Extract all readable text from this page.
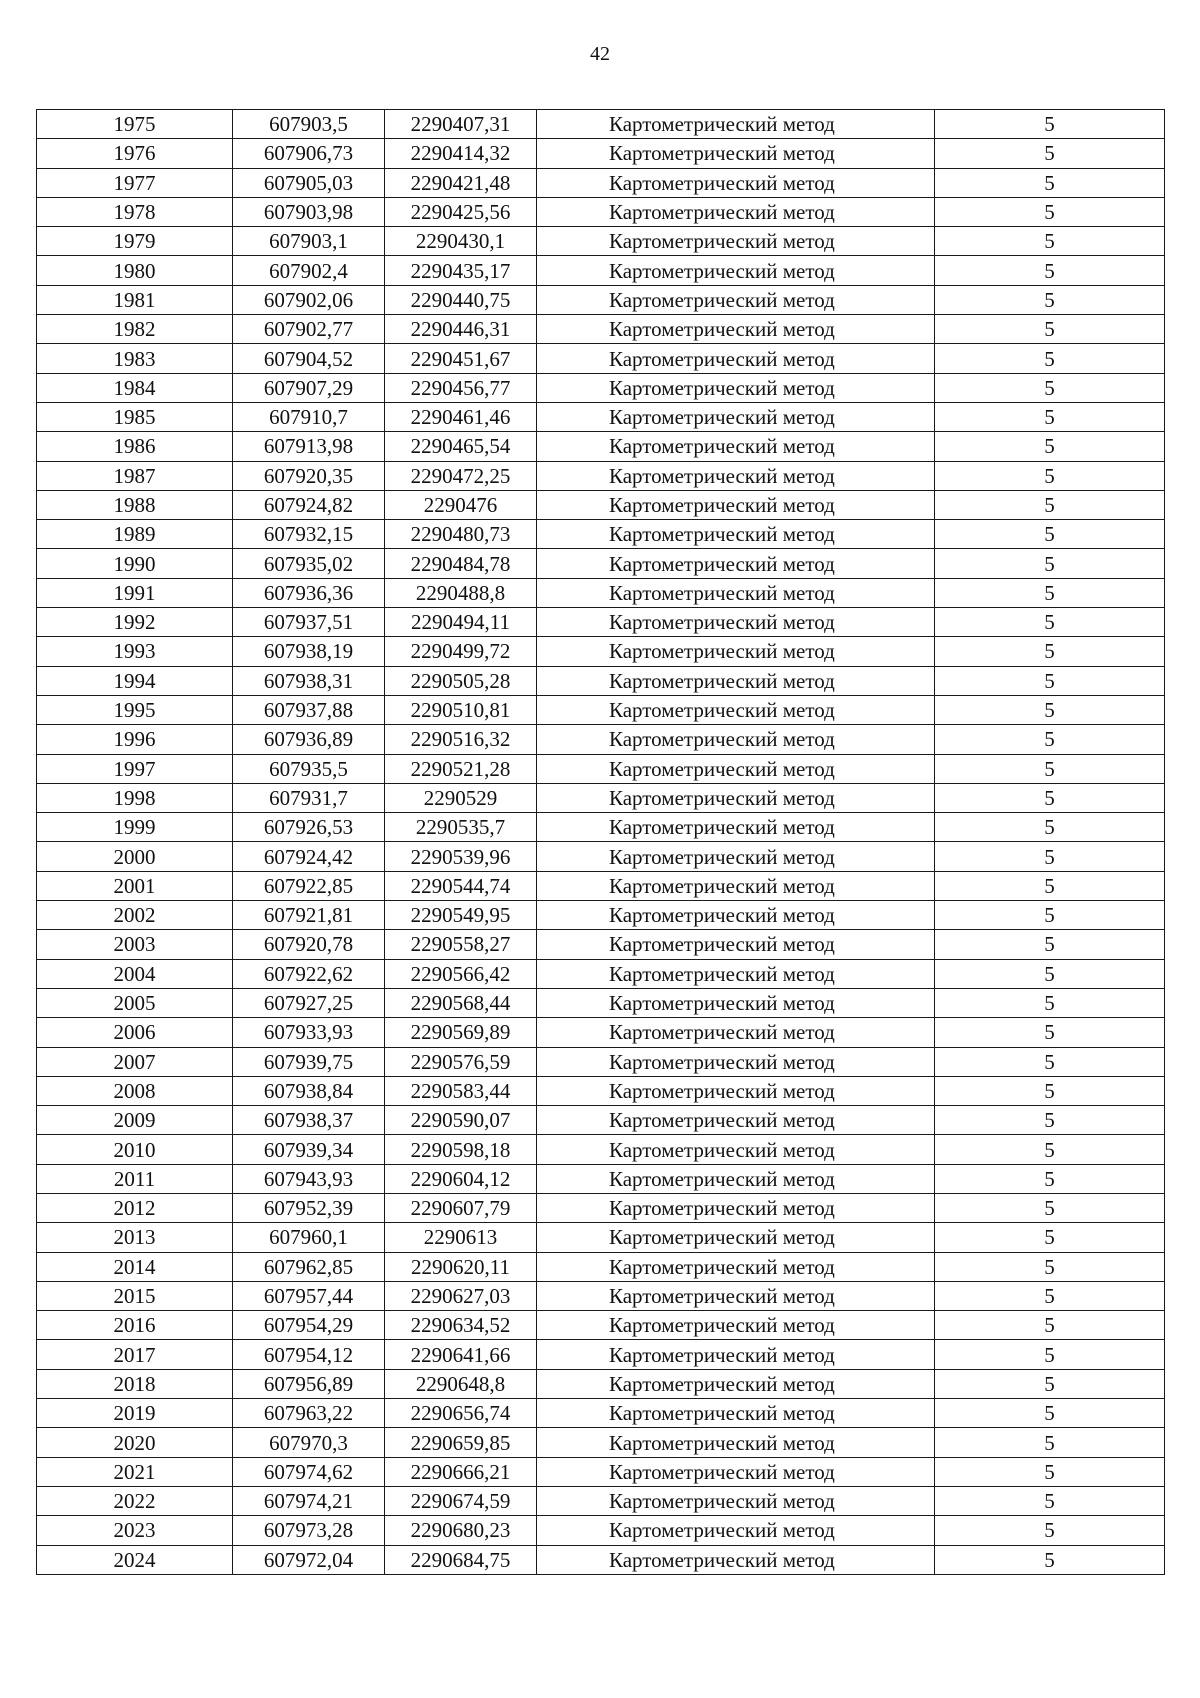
42
1975	607903,5	2290407,31	Картометрический метод	5
1976	607906,73	2290414,32	Картометрический метод	5
1977	607905,03	2290421,48	Картометрический метод	5
1978	607903,98	2290425,56	Картометрический метод	5
1979	607903,1	2290430,1	Картометрический метод	5
1980	607902,4	2290435,17	Картометрический метод	5
1981	607902,06	2290440,75	Картометрический метод	5
1982	607902,77	2290446,31	Картометрический метод	5
1983	607904,52	2290451,67	Картометрический метод	5
1984	607907,29	2290456,77	Картометрический метод	5
1985	607910,7	2290461,46	Картометрический метод	5
1986	607913,98	2290465,54	Картометрический метод	5
1987	607920,35	2290472,25	Картометрический метод	5
1988	607924,82	2290476	Картометрический метод	5
1989	607932,15	2290480,73	Картометрический метод	5
1990	607935,02	2290484,78	Картометрический метод	5
1991	607936,36	2290488,8	Картометрический метод	5
1992	607937,51	2290494,11	Картометрический метод	5
1993	607938,19	2290499,72	Картометрический метод	5
1994	607938,31	2290505,28	Картометрический метод	5
1995	607937,88	2290510,81	Картометрический метод	5
1996	607936,89	2290516,32	Картометрический метод	5
1997	607935,5	2290521,28	Картометрический метод	5
1998	607931,7	2290529	Картометрический метод	5
1999	607926,53	2290535,7	Картометрический метод	5
2000	607924,42	2290539,96	Картометрический метод	5
2001	607922,85	2290544,74	Картометрический метод	5
2002	607921,81	2290549,95	Картометрический метод	5
2003	607920,78	2290558,27	Картометрический метод	5
2004	607922,62	2290566,42	Картометрический метод	5
2005	607927,25	2290568,44	Картометрический метод	5
2006	607933,93	2290569,89	Картометрический метод	5
2007	607939,75	2290576,59	Картометрический метод	5
2008	607938,84	2290583,44	Картометрический метод	5
2009	607938,37	2290590,07	Картометрический метод	5
2010	607939,34	2290598,18	Картометрический метод	5
2011	607943,93	2290604,12	Картометрический метод	5
2012	607952,39	2290607,79	Картометрический метод	5
2013	607960,1	2290613	Картометрический метод	5
2014	607962,85	2290620,11	Картометрический метод	5
2015	607957,44	2290627,03	Картометрический метод	5
2016	607954,29	2290634,52	Картометрический метод	5
2017	607954,12	2290641,66	Картометрический метод	5
2018	607956,89	2290648,8	Картометрический метод	5
2019	607963,22	2290656,74	Картометрический метод	5
2020	607970,3	2290659,85	Картометрический метод	5
2021	607974,62	2290666,21	Картометрический метод	5
2022	607974,21	2290674,59	Картометрический метод	5
2023	607973,28	2290680,23	Картометрический метод	5
2024	607972,04	2290684,75	Картометрический метод	5
